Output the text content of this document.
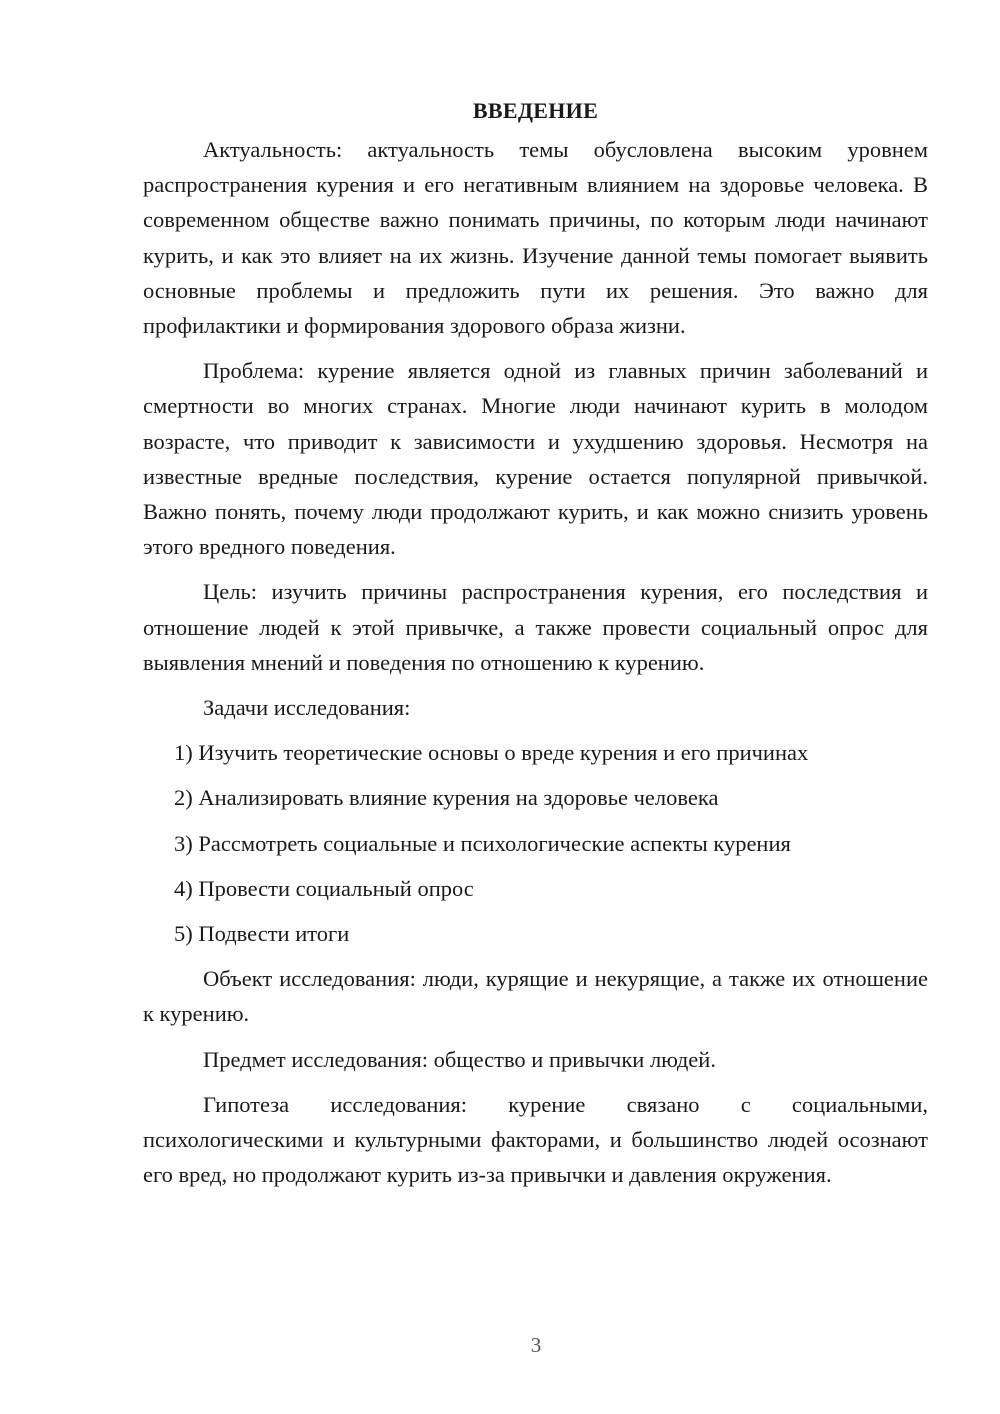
ВВЕДЕНИЕ

Актуальность: актуальность темы обусловлена высоким уровнем распространения курения и его негативным влиянием на здоровье человека. В современном обществе важно понимать причины, по которым люди начинают курить, и как это влияет на их жизнь. Изучение данной темы помогает выявить основные проблемы и предложить пути их решения. Это важно для профилактики и формирования здорового образа жизни.

Проблема: курение является одной из главных причин заболеваний и смертности во многих странах. Многие люди начинают курить в молодом возрасте, что приводит к зависимости и ухудшению здоровья. Несмотря на известные вредные последствия, курение остается популярной привычкой. Важно понять, почему люди продолжают курить, и как можно снизить уровень этого вредного поведения.

Цель: изучить причины распространения курения, его последствия и отношение людей к этой привычке, а также провести социальный опрос для выявления мнений и поведения по отношению к курению.

Задачи исследования:

1) Изучить теоретические основы о вреде курения и его причинах

2) Анализировать влияние курения на здоровье человека

3) Рассмотреть социальные и психологические аспекты курения

4) Провести социальный опрос

5) Подвести итоги

Объект исследования: люди, курящие и некурящие, а также их отношение к курению.

Предмет исследования: общество и привычки людей.

Гипотеза исследования: курение связано с социальными, психологическими и культурными факторами, и большинство людей осознают его вред, но продолжают курить из-за привычки и давления окружения.

3
